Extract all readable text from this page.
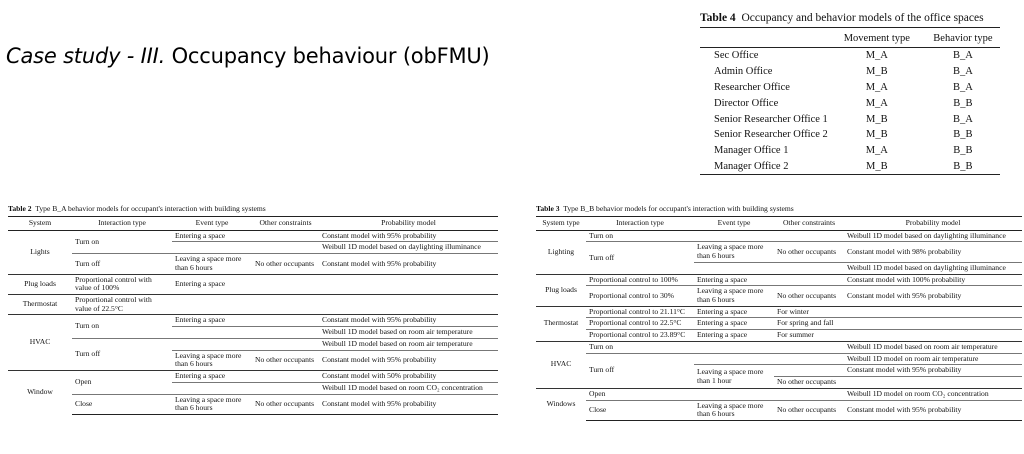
Case study - III. Occupancy behaviour (obFMU)
Table 4 Occupancy and behavior models of the office spaces
	Movement type	Behavior type
Sec Office	M_A	B_A
Admin Office	M_B	B_A
Researcher Office	M_A	B_A
Director Office	M_A	B_B
Senior Researcher Office 1	M_B	B_A
Senior Researcher Office 2	M_B	B_B
Manager Office 1	M_A	B_B
Manager Office 2	M_B	B_B
Table 2 Type B_A behavior models for occupant's interaction with building systems
System	Interaction type	Event type	Other constraints	Probability model
Lights	Turn on	Entering a space		Constant model with 95% probability
				Weibull 1D model based on daylighting illuminance
	Turn off	Leaving a space more than 6 hours	No other occupants	Constant model with 95% probability

Plug loads	Proportional control with value of 100%	Entering a space		
Thermostat	Proportional control with value of 22.5°C			
HVAC	Turn on	Entering a space		Constant model with 95% probability
				Weibull 1D model based on room air temperature
	Turn off			Weibull 1D model based on room air temperature
		Leaving a space more than 6 hours	No other occupants	Constant model with 95% probability

Window	Open	Entering a space		Constant model with 50% probability
				Weibull 1D model based on room CO₂ concentration
	Close	Leaving a space more than 6 hours	No other occupants	Constant model with 95% probability
Table 3 Type B_B behavior models for occupant's interaction with building systems
System type	Interaction type	Event type	Other constraints	Probability model
Lighting	Turn on			Weibull 1D model based on daylighting illuminance
	Turn off	Leaving a space more than 6 hours	No other occupants	Constant model with 98% probability
				Weibull 1D model based on daylighting illuminance
Plug loads	Proportional control to 100%	Entering a space		Constant model with 100% probability
	Proportional control to 30%	Leaving a space more than 6 hours	No other occupants	Constant model with 95% probability
Thermostat	Proportional control to 21.11°C	Entering a space	For winter	
	Proportional control to 22.5°C	Entering a space	For spring and fall	
	Proportional control to 23.89°C	Entering a space	For summer	
HVAC	Turn on			Weibull 1D model based on room air temperature
	Turn off			Weibull 1D model on room air temperature
		Leaving a space more than 1 hour		Constant model with 95% probability
			No other occupants	
Windows	Open			Weibull 1D model on room CO₂ concentration
	Close	Leaving a space more than 6 hours	No other occupants	Constant model with 95% probability
